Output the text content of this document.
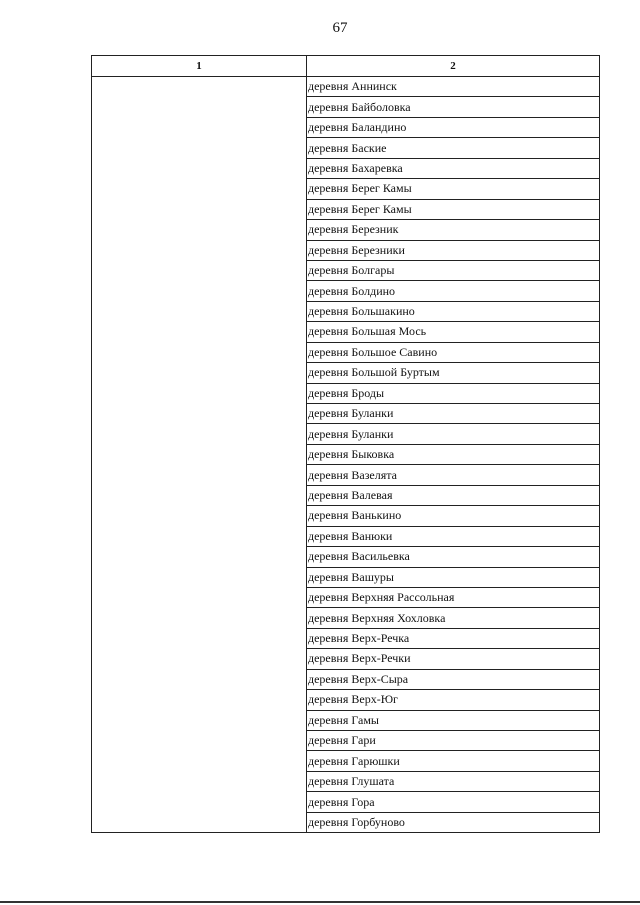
67
1	2
	деревня Аннинск
	деревня Байболовка
	деревня Баландино
	деревня Баские
	деревня Бахаревка
	деревня Берег Камы
	деревня Берег Камы
	деревня Березник
	деревня Березники
	деревня Болгары
	деревня Болдино
	деревня Большакино
	деревня Большая Мось
	деревня Большое Савино
	деревня Большой Буртым
	деревня Броды
	деревня Буланки
	деревня Буланки
	деревня Быковка
	деревня Вазелята
	деревня Валевая
	деревня Ванькино
	деревня Ванюки
	деревня Васильевка
	деревня Вашуры
	деревня Верхняя Рассольная
	деревня Верхняя Хохловка
	деревня Верх-Речка
	деревня Верх-Речки
	деревня Верх-Сыра
	деревня Верх-Юг
	деревня Гамы
	деревня Гари
	деревня Гарюшки
	деревня Глушата
	деревня Гора
	деревня Горбуново
